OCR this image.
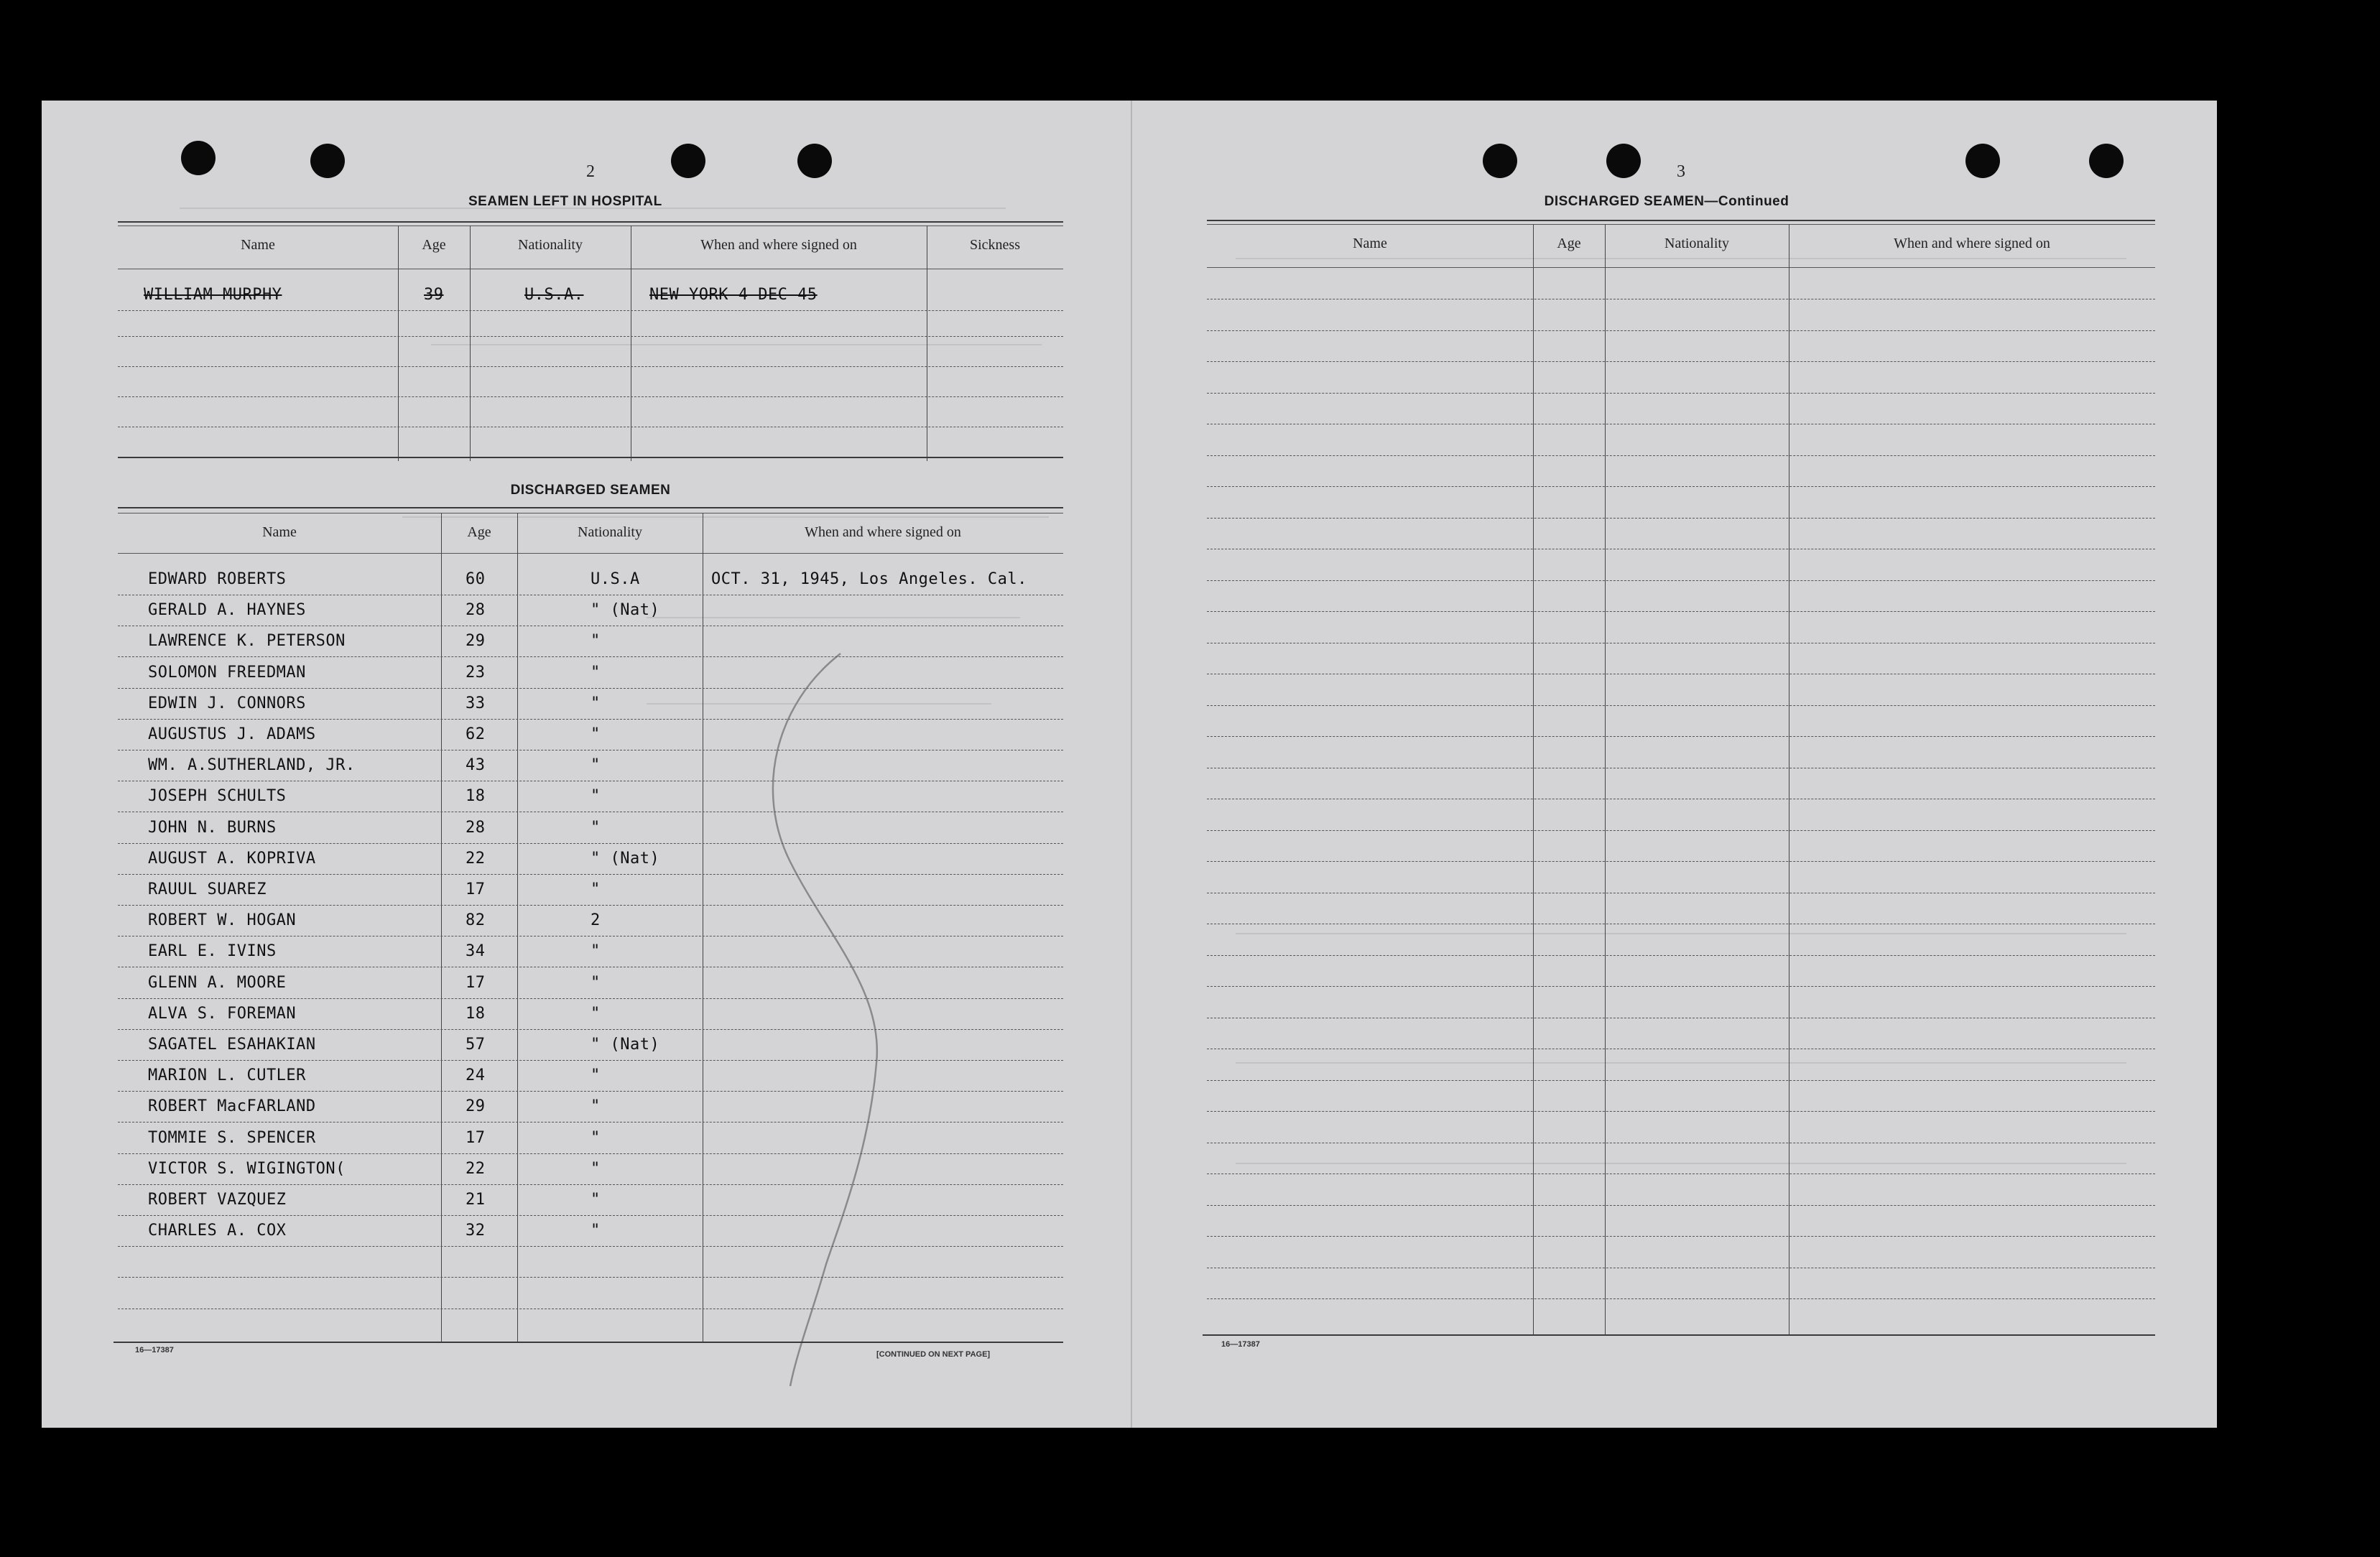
2
SEAMEN LEFT IN HOSPITAL
Name	Age	Nationality	When and where signed on	Sickness
WILLIAM MURPHY	39	U.S.A.	NEW YORK 4 DEC 45
DISCHARGED SEAMEN
Name	Age	Nationality	When and where signed on
EDWARD ROBERTS	60	U.S.A	OCT. 31, 1945, Los Angeles. Cal.
GERALD A. HAYNES	28	" (Nat)
LAWRENCE K. PETERSON	29	"
SOLOMON FREEDMAN	23	"
EDWIN J. CONNORS	33	"
AUGUSTUS J. ADAMS	62	"
WM. A.SUTHERLAND, JR.	43	"
JOSEPH SCHULTS	18	"
JOHN N. BURNS	28	"
AUGUST A. KOPRIVA	22	" (Nat)
RAUUL SUAREZ	17	"
ROBERT W. HOGAN	82	2
EARL E. IVINS	34	"
GLENN A. MOORE	17	"
ALVA S. FOREMAN	18	"
SAGATEL ESAHAKIAN	57	" (Nat)
MARION L. CUTLER	24	"
ROBERT MacFARLAND	29	"
TOMMIE S. SPENCER	17	"
VICTOR S. WIGINGTON(	22	"
ROBERT VAZQUEZ	21	"
CHARLES A. COX	32	"
16—17387	[CONTINUED ON NEXT PAGE]
3
DISCHARGED SEAMEN—Continued
Name	Age	Nationality	When and where signed on
16—17387
